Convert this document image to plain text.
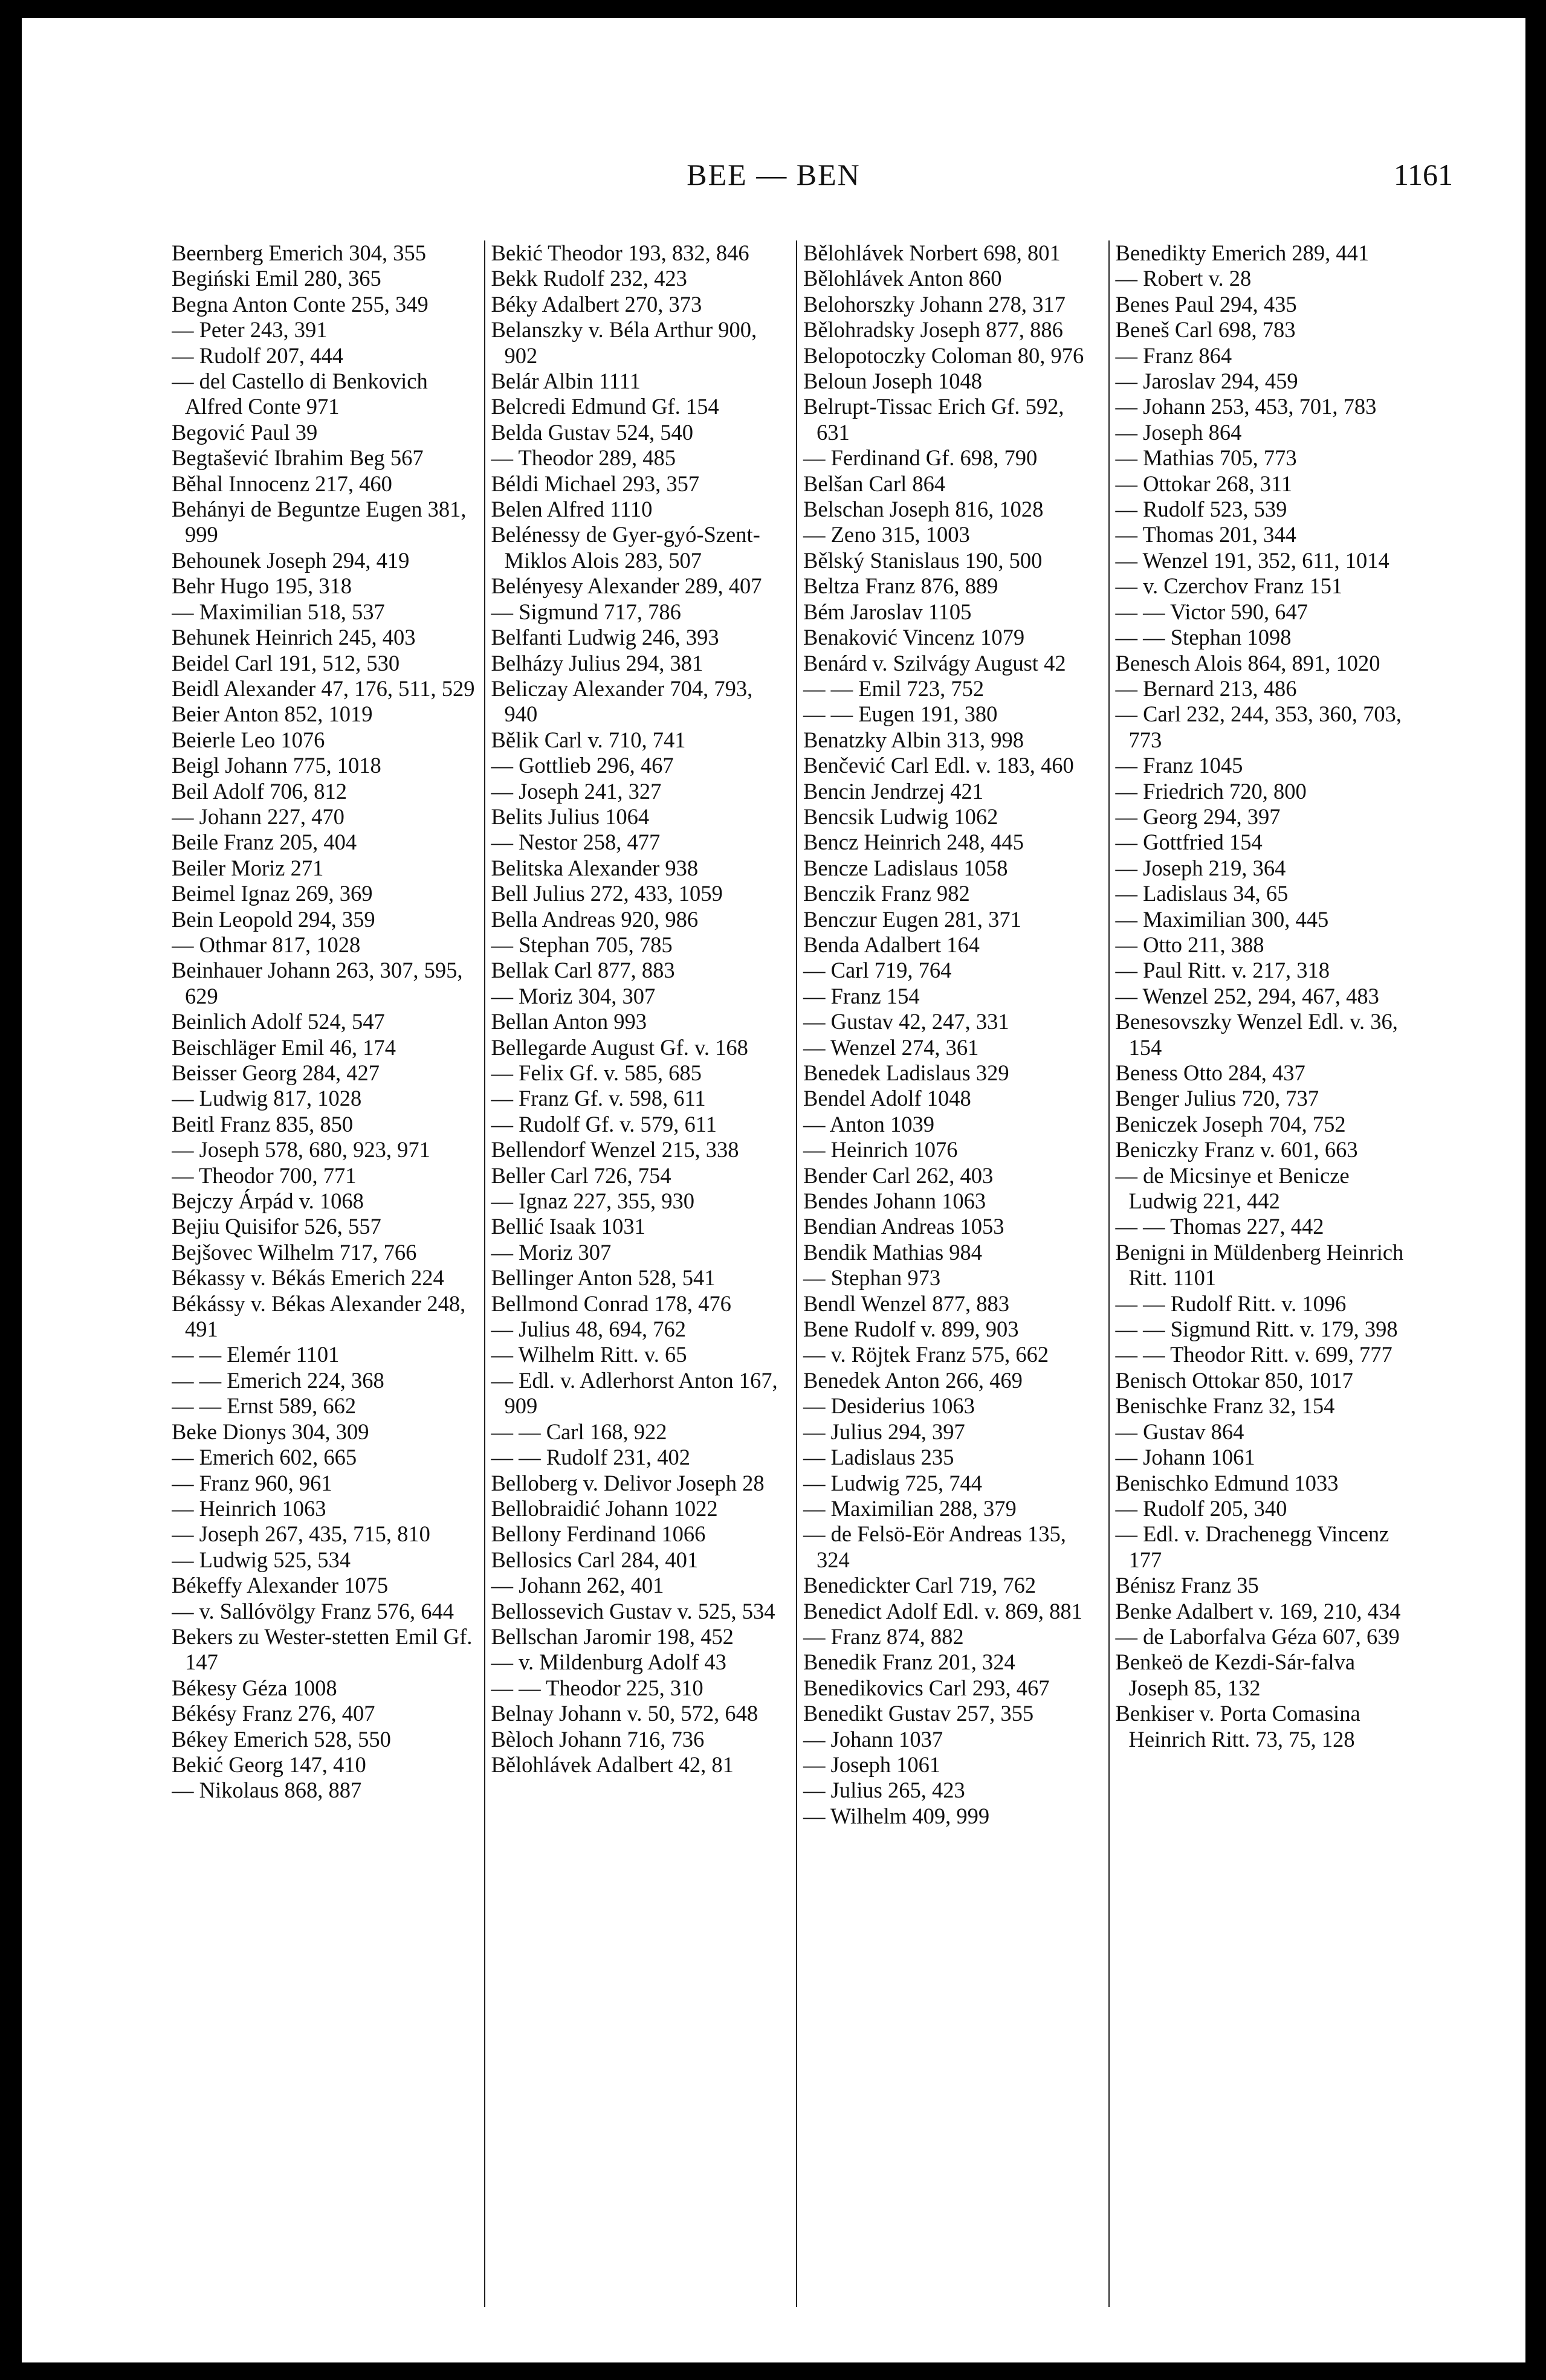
BEE — BEN	1161
Beernberg Emerich 304, 355
Begiński Emil 280, 365
Begna Anton Conte 255, 349
— Peter 243, 391
— Rudolf 207, 444
— del Castello di Benkovich Alfred Conte 971
Begović Paul 39
Begtašević Ibrahim Beg 567
Běhal Innocenz 217, 460
Behányi de Beguntze Eugen 381, 999
Behounek Joseph 294, 419
Behr Hugo 195, 318
— Maximilian 518, 537
Behunek Heinrich 245, 403
Beidel Carl 191, 512, 530
Beidl Alexander 47, 176, 511, 529
Beier Anton 852, 1019
Beierle Leo 1076
Beigl Johann 775, 1018
Beil Adolf 706, 812
— Johann 227, 470
Beile Franz 205, 404
Beiler Moriz 271
Beimel Ignaz 269, 369
Bein Leopold 294, 359
— Othmar 817, 1028
Beinhauer Johann 263, 307, 595, 629
Beinlich Adolf 524, 547
Beischläger Emil 46, 174
Beisser Georg 284, 427
— Ludwig 817, 1028
Beitl Franz 835, 850
— Joseph 578, 680, 923, 971
— Theodor 700, 771
Bejczy Árpád v. 1068
Bejiu Quisifor 526, 557
Bejšovec Wilhelm 717, 766
Békassy v. Békás Emerich 224
Békássy v. Békas Alexander 248, 491
— — Elemér 1101
— — Emerich 224, 368
— — Ernst 589, 662
Beke Dionys 304, 309
— Emerich 602, 665
— Franz 960, 961
— Heinrich 1063
— Joseph 267, 435, 715, 810
— Ludwig 525, 534
Békeffy Alexander 1075
— v. Sallóvölgy Franz 576, 644
Bekers zu Wester-stetten Emil Gf. 147
Békesy Géza 1008
Békésy Franz 276, 407
Békey Emerich 528, 550
Bekić Georg 147, 410
— Nikolaus 868, 887
Bekić Theodor 193, 832, 846
Bekk Rudolf 232, 423
Béky Adalbert 270, 373
Belanszky v. Béla Arthur 900, 902
Belár Albin 1111
Belcredi Edmund Gf. 154
Belda Gustav 524, 540
— Theodor 289, 485
Béldi Michael 293, 357
Belen Alfred 1110
Belénessy de Gyer-gyó-Szent-Miklos Alois 283, 507
Belényesy Alexander 289, 407
— Sigmund 717, 786
Belfanti Ludwig 246, 393
Belházy Julius 294, 381
Beliczay Alexander 704, 793, 940
Bělik Carl v. 710, 741
— Gottlieb 296, 467
— Joseph 241, 327
Belits Julius 1064
— Nestor 258, 477
Belitska Alexander 938
Bell Julius 272, 433, 1059
Bella Andreas 920, 986
— Stephan 705, 785
Bellak Carl 877, 883
— Moriz 304, 307
Bellan Anton 993
Bellegarde August Gf. v. 168
— Felix Gf. v. 585, 685
— Franz Gf. v. 598, 611
— Rudolf Gf. v. 579, 611
Bellendorf Wenzel 215, 338
Beller Carl 726, 754
— Ignaz 227, 355, 930
Bellić Isaak 1031
— Moriz 307
Bellinger Anton 528, 541
Bellmond Conrad 178, 476
— Julius 48, 694, 762
— Wilhelm Ritt. v. 65
— Edl. v. Adlerhorst Anton 167, 909
— — Carl 168, 922
— — Rudolf 231, 402
Belloberg v. Delivor Joseph 28
Bellobraidić Johann 1022
Bellony Ferdinand 1066
Bellosics Carl 284, 401
— Johann 262, 401
Bellossevich Gustav v. 525, 534
Bellschan Jaromir 198, 452
— v. Mildenburg Adolf 43
— — Theodor 225, 310
Belnay Johann v. 50, 572, 648
Bèloch Johann 716, 736
Bělohlávek Adalbert 42, 81
Bělohlávek Norbert 698, 801
Bělohlávek Anton 860
Belohorszky Johann 278, 317
Bělohradsky Joseph 877, 886
Belopotoczky Coloman 80, 976
Beloun Joseph 1048
Belrupt-Tissac Erich Gf. 592, 631
— Ferdinand Gf. 698, 790
Belšan Carl 864
Belschan Joseph 816, 1028
— Zeno 315, 1003
Bělský Stanislaus 190, 500
Beltza Franz 876, 889
Bém Jaroslav 1105
Benaković Vincenz 1079
Benárd v. Szilvágy August 42
— — Emil 723, 752
— — Eugen 191, 380
Benatzky Albin 313, 998
Benčević Carl Edl. v. 183, 460
Bencin Jendrzej 421
Bencsik Ludwig 1062
Bencz Heinrich 248, 445
Bencze Ladislaus 1058
Benczik Franz 982
Benczur Eugen 281, 371
Benda Adalbert 164
— Carl 719, 764
— Franz 154
— Gustav 42, 247, 331
— Wenzel 274, 361
Benedek Ladislaus 329
Bendel Adolf 1048
— Anton 1039
— Heinrich 1076
Bender Carl 262, 403
Bendes Johann 1063
Bendian Andreas 1053
Bendik Mathias 984
— Stephan 973
Bendl Wenzel 877, 883
Bene Rudolf v. 899, 903
— v. Röjtek Franz 575, 662
Benedek Anton 266, 469
— Desiderius 1063
— Julius 294, 397
— Ladislaus 235
— Ludwig 725, 744
— Maximilian 288, 379
— de Felsö-Eör Andreas 135, 324
Benedickter Carl 719, 762
Benedict Adolf Edl. v. 869, 881
— Franz 874, 882
Benedik Franz 201, 324
Benedikovics Carl 293, 467
Benedikt Gustav 257, 355
— Johann 1037
— Joseph 1061
— Julius 265, 423
— Wilhelm 409, 999
Benedikty Emerich 289, 441
— Robert v. 28
Benes Paul 294, 435
Beneš Carl 698, 783
— Franz 864
— Jaroslav 294, 459
— Johann 253, 453, 701, 783
— Joseph 864
— Mathias 705, 773
— Ottokar 268, 311
— Rudolf 523, 539
— Thomas 201, 344
— Wenzel 191, 352, 611, 1014
— v. Czerchov Franz 151
— — Victor 590, 647
— — Stephan 1098
Benesch Alois 864, 891, 1020
— Bernard 213, 486
— Carl 232, 244, 353, 360, 703, 773
— Franz 1045
— Friedrich 720, 800
— Georg 294, 397
— Gottfried 154
— Joseph 219, 364
— Ladislaus 34, 65
— Maximilian 300, 445
— Otto 211, 388
— Paul Ritt. v. 217, 318
— Wenzel 252, 294, 467, 483
Benesovszky Wenzel Edl. v. 36, 154
Beness Otto 284, 437
Benger Julius 720, 737
Beniczek Joseph 704, 752
Beniczky Franz v. 601, 663
— de Micsinye et Benicze Ludwig 221, 442
— — Thomas 227, 442
Benigni in Müldenberg Heinrich Ritt. 1101
— — Rudolf Ritt. v. 1096
— — Sigmund Ritt. v. 179, 398
— — Theodor Ritt. v. 699, 777
Benisch Ottokar 850, 1017
Benischke Franz 32, 154
— Gustav 864
— Johann 1061
Benischko Edmund 1033
— Rudolf 205, 340
— Edl. v. Drachenegg Vincenz 177
Bénisz Franz 35
Benke Adalbert v. 169, 210, 434
— de Laborfalva Géza 607, 639
Benkeö de Kezdi-Sár-falva Joseph 85, 132
Benkiser v. Porta Comasina Heinrich Ritt. 73, 75, 128
